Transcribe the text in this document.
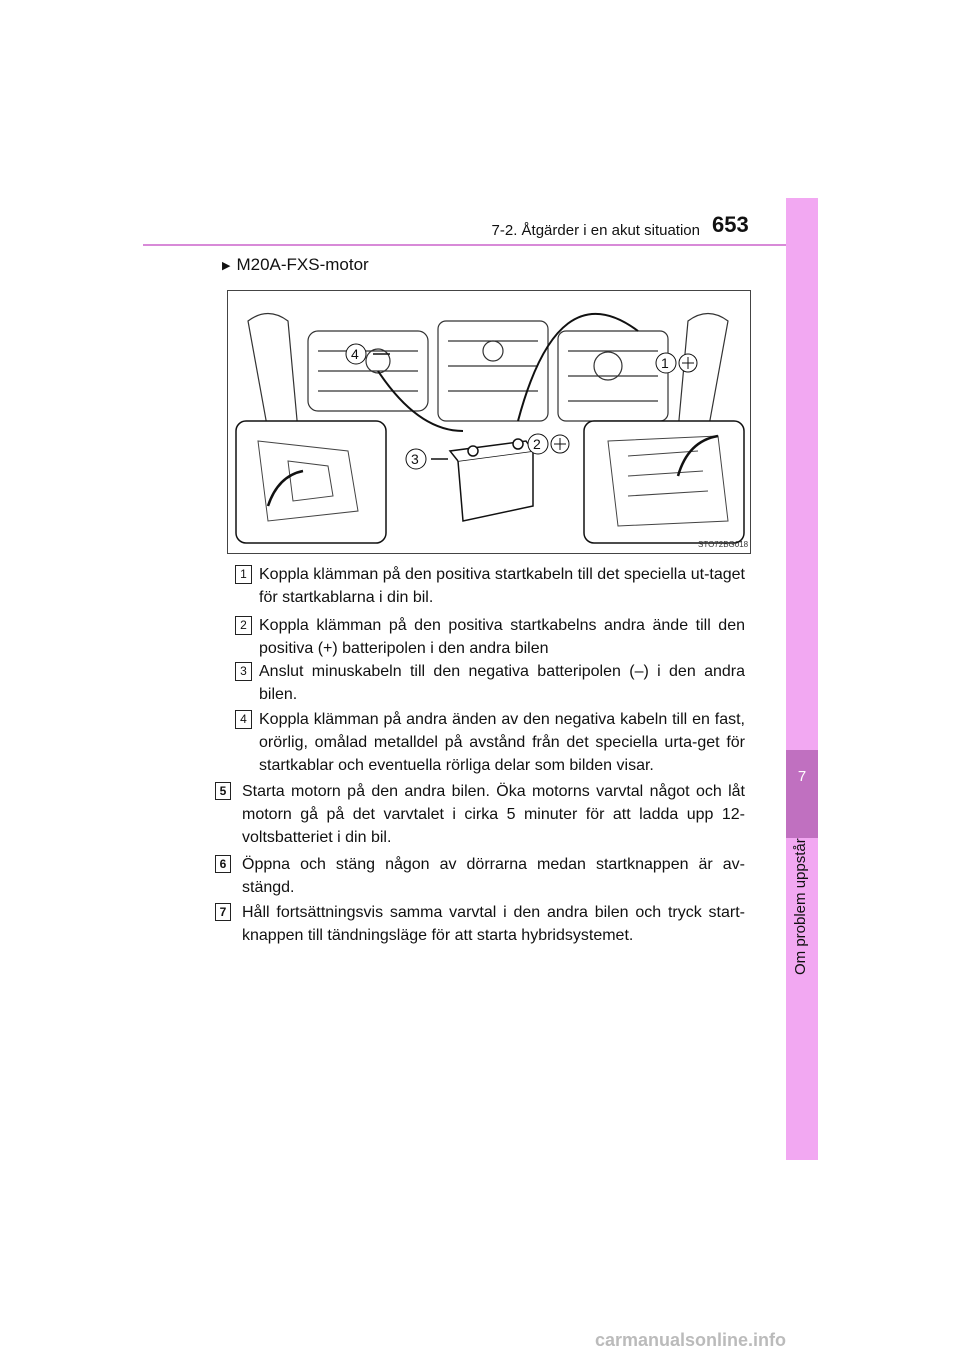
7-2. Åtgärder i en akut situation 653
7
Om problem uppstår
▶ M20A-FXS-motor
4
1
2
3
STO72BG018
1 Koppla klämman på den positiva startkabeln till det speciella ut-taget för startkablarna i din bil.
2 Koppla klämman på den positiva startkabelns andra ände till den positiva (+) batteripolen i den andra bilen
3 Anslut minuskabeln till den negativa batteripolen (–) i den andra bilen.
4 Koppla klämman på andra änden av den negativa kabeln till en fast, orörlig, omålad metalldel på avstånd från det speciella urta-get för startkablar och eventuella rörliga delar som bilden visar.
5 Starta motorn på den andra bilen. Öka motorns varvtal något och låt motorn gå på det varvtalet i cirka 5 minuter för att ladda upp 12-voltsbatteriet i din bil.
6 Öppna och stäng någon av dörrarna medan startknappen är av-stängd.
7 Håll fortsättningsvis samma varvtal i den andra bilen och tryck start-knappen till tändningsläge för att starta hybridsystemet.
carmanualsonline.info
